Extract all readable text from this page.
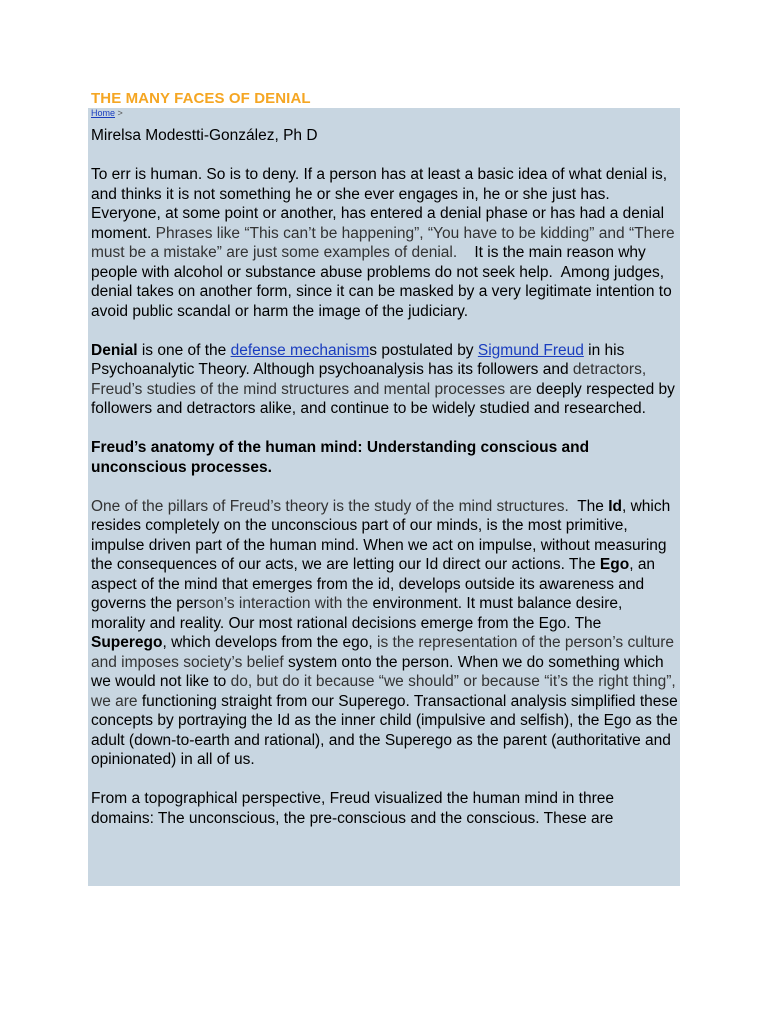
THE MANY FACES OF DENIAL
Home >

Mirelsa Modestti-González, Ph D

To err is human. So is to deny. If a person has at least a basic idea of what denial is, and thinks it is not something he or she ever engages in, he or she just has. Everyone, at some point or another, has entered a denial phase or has had a denial moment. Phrases like “This can’t be happening”, “You have to be kidding” and “There must be a mistake” are just some examples of denial.    It is the main reason why people with alcohol or substance abuse problems do not seek help.  Among judges, denial takes on another form, since it can be masked by a very legitimate intention to avoid public scandal or harm the image of the judiciary.

Denial is one of the defense mechanisms postulated by Sigmund Freud in his Psychoanalytic Theory. Although psychoanalysis has its followers and detractors, Freud’s studies of the mind structures and mental processes are deeply respected by followers and detractors alike, and continue to be widely studied and researched.

Freud’s anatomy of the human mind: Understanding conscious and unconscious processes.

One of the pillars of Freud’s theory is the study of the mind structures.  The Id, which resides completely on the unconscious part of our minds, is the most primitive, impulse driven part of the human mind. When we act on impulse, without measuring the consequences of our acts, we are letting our Id direct our actions. The Ego, an aspect of the mind that emerges from the id, develops outside its awareness and governs the person’s interaction with the environment. It must balance desire, morality and reality. Our most rational decisions emerge from the Ego. The Superego, which develops from the ego, is the representation of the person’s culture and imposes society’s belief system onto the person. When we do something which we would not like to do, but do it because “we should” or because “it’s the right thing”, we are functioning straight from our Superego. Transactional analysis simplified these concepts by portraying the Id as the inner child (impulsive and selfish), the Ego as the adult (down-to-earth and rational), and the Superego as the parent (authoritative and opinionated) in all of us.

From a topographical perspective, Freud visualized the human mind in three domains: The unconscious, the pre-conscious and the conscious. These are
